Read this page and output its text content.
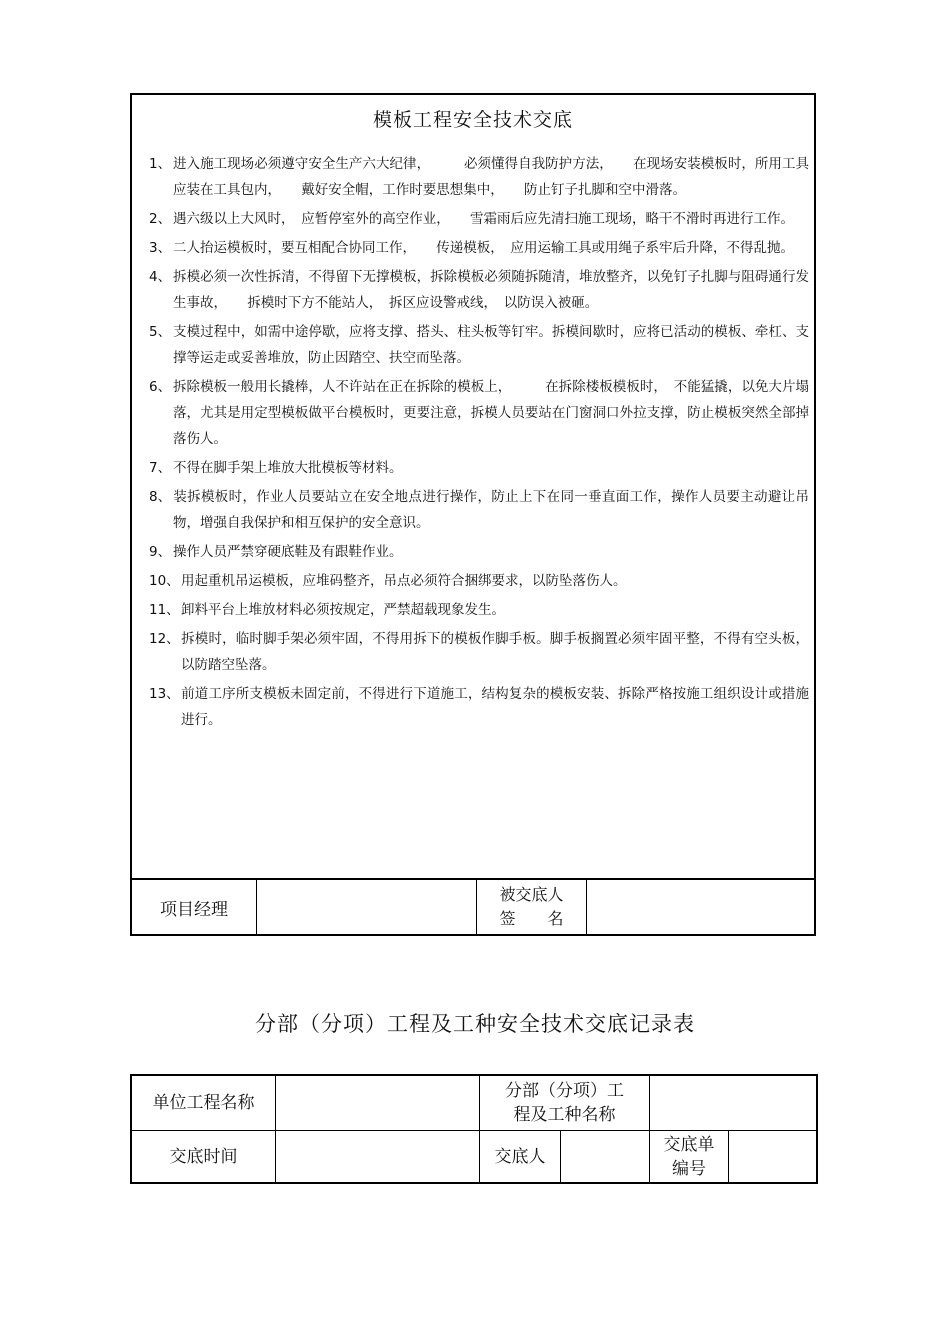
模板工程安全技术交底
1、 进入施工现场必须遵守安全生产六大纪律，　　　必须懂得自我防护方法，　　在现场安装模板时，所用工具应装在工具包内，　　戴好安全帽，工作时要思想集中，　　防止钉子扎脚和空中滑落。
2、 遇六级以上大风时，　应暂停室外的高空作业，　　雪霜雨后应先清扫施工现场，略干不滑时再进行工作。
3、 二人抬运模板时，要互相配合协同工作，　　传递模板，　应用运输工具或用绳子系牢后升降，不得乱抛。
4、 拆模必须一次性拆清，不得留下无撑模板，拆除模板必须随拆随清，堆放整齐，以免钉子扎脚与阻碍通行发生事故，　　拆模时下方不能站人，　拆区应设警戒线，　以防误入被砸。
5、 支模过程中，如需中途停歇，应将支撑、搭头、柱头板等钉牢。拆模间歇时，应将已活动的模板、牵杠、支撑等运走或妥善堆放，防止因踏空、扶空而坠落。
6、 拆除模板一般用长撬棒，人不许站在正在拆除的模板上，　　　在拆除楼板模板时，　不能猛撬，以免大片塌落，尤其是用定型模板做平台模板时，更要注意，拆模人员要站在门窗洞口外拉支撑，防止模板突然全部掉落伤人。
7、 不得在脚手架上堆放大批模板等材料。
8、 装拆模板时，作业人员要站立在安全地点进行操作，防止上下在同一垂直面工作，操作人员要主动避让吊物，增强自我保护和相互保护的安全意识。
9、 操作人员严禁穿硬底鞋及有跟鞋作业。
10、用起重机吊运模板，应堆码整齐，吊点必须符合捆绑要求，以防坠落伤人。
11、卸料平台上堆放材料必须按规定，严禁超载现象发生。
12、拆模时，临时脚手架必须牢固，不得用拆下的模板作脚手板。脚手板搁置必须牢固平整，不得有空头板，以防踏空坠落。
13、前道工序所支模板未固定前，不得进行下道施工，结构复杂的模板安装、拆除严格按施工组织设计或措施进行。
项目经理
被交底人
签　　名
分部（分项）工程及工种安全技术交底记录表
单位工程名称
分部（分项）工
程及工种名称
交底时间	交底人
交底单
编号
